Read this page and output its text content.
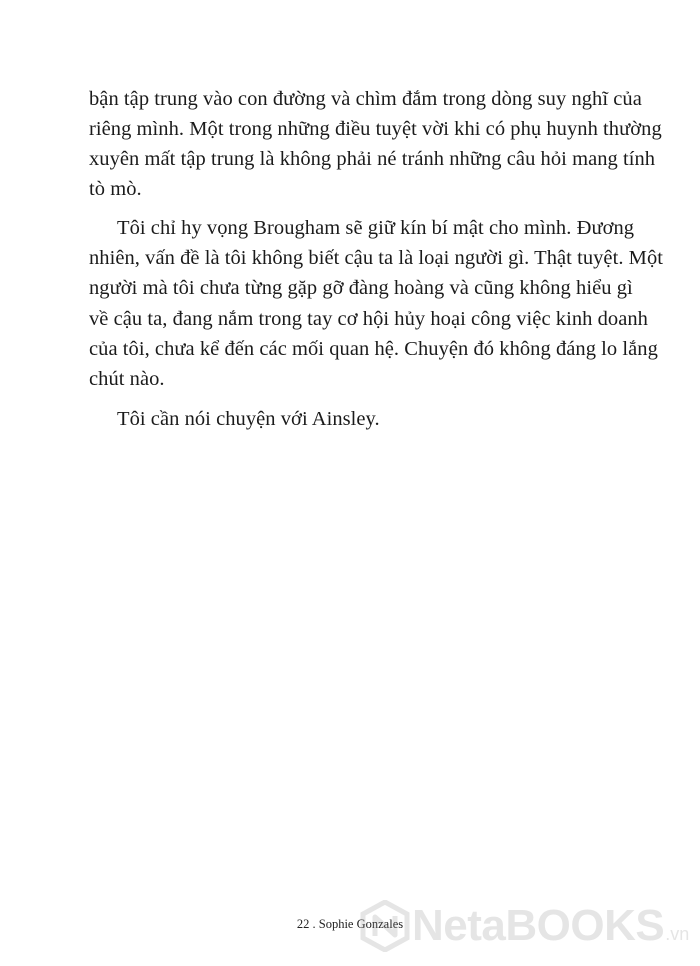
bận tập trung vào con đường và chìm đắm trong dòng suy nghĩ của
riêng mình. Một trong những điều tuyệt vời khi có phụ huynh thường
xuyên mất tập trung là không phải né tránh những câu hỏi mang tính
tò mò.
Tôi chỉ hy vọng Brougham sẽ giữ kín bí mật cho mình. Đương
nhiên, vấn đề là tôi không biết cậu ta là loại người gì. Thật tuyệt. Một
người mà tôi chưa từng gặp gỡ đàng hoàng và cũng không hiểu gì
về cậu ta, đang nắm trong tay cơ hội hủy hoại công việc kinh doanh
của tôi, chưa kể đến các mối quan hệ. Chuyện đó không đáng lo lắng
chút nào.
Tôi cần nói chuyện với Ainsley.
22 . Sophie Gonzales NetaBOOKS .vn
